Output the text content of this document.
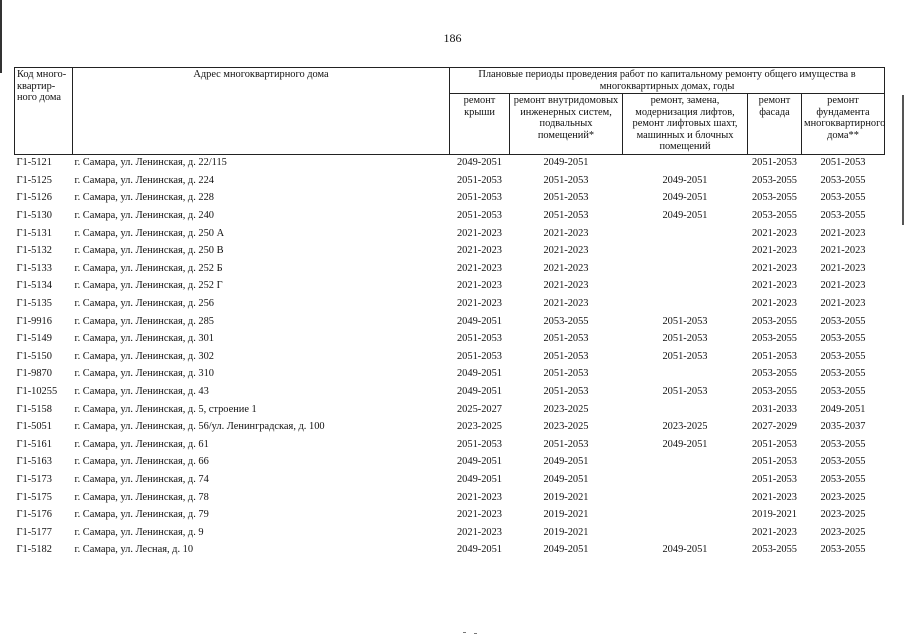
186
Код много-квартир-ного дома	Адрес многоквартирного дома	Плановые периоды проведения работ по капитальному ремонту общего имущества в многоквартирных домах, годы				
		ремонт крыши	ремонт внутридомовых инженерных систем, подвальных помещений*	ремонт, замена, модернизация лифтов, ремонт лифтовых шахт, машинных и блочных помещений	ремонт фасада	ремонт фундамента многоквартирного дома**
Г1-5121	г. Самара, ул. Ленинская, д. 22/115	2049-2051	2049-2051		2051-2053	2051-2053
Г1-5125	г. Самара, ул. Ленинская, д. 224	2051-2053	2051-2053	2049-2051	2053-2055	2053-2055
Г1-5126	г. Самара, ул. Ленинская, д. 228	2051-2053	2051-2053	2049-2051	2053-2055	2053-2055
Г1-5130	г. Самара, ул. Ленинская, д. 240	2051-2053	2051-2053	2049-2051	2053-2055	2053-2055
Г1-5131	г. Самара, ул. Ленинская, д. 250 А	2021-2023	2021-2023		2021-2023	2021-2023
Г1-5132	г. Самара, ул. Ленинская, д. 250 В	2021-2023	2021-2023		2021-2023	2021-2023
Г1-5133	г. Самара, ул. Ленинская, д. 252 Б	2021-2023	2021-2023		2021-2023	2021-2023
Г1-5134	г. Самара, ул. Ленинская, д. 252 Г	2021-2023	2021-2023		2021-2023	2021-2023
Г1-5135	г. Самара, ул. Ленинская, д. 256	2021-2023	2021-2023		2021-2023	2021-2023
Г1-9916	г. Самара, ул. Ленинская, д. 285	2049-2051	2053-2055	2051-2053	2053-2055	2053-2055
Г1-5149	г. Самара, ул. Ленинская, д. 301	2051-2053	2051-2053	2051-2053	2053-2055	2053-2055
Г1-5150	г. Самара, ул. Ленинская, д. 302	2051-2053	2051-2053	2051-2053	2051-2053	2053-2055
Г1-9870	г. Самара, ул. Ленинская, д. 310	2049-2051	2051-2053		2053-2055	2053-2055
Г1-10255	г. Самара, ул. Ленинская, д. 43	2049-2051	2051-2053	2051-2053	2053-2055	2053-2055
Г1-5158	г. Самара, ул. Ленинская, д. 5, строение 1	2025-2027	2023-2025		2031-2033	2049-2051
Г1-5051	г. Самара, ул. Ленинская, д. 56/ул. Ленинградская, д. 100	2023-2025	2023-2025	2023-2025	2027-2029	2035-2037
Г1-5161	г. Самара, ул. Ленинская, д. 61	2051-2053	2051-2053	2049-2051	2051-2053	2053-2055
Г1-5163	г. Самара, ул. Ленинская, д. 66	2049-2051	2049-2051		2051-2053	2053-2055
Г1-5173	г. Самара, ул. Ленинская, д. 74	2049-2051	2049-2051		2051-2053	2053-2055
Г1-5175	г. Самара, ул. Ленинская, д. 78	2021-2023	2019-2021		2021-2023	2023-2025
Г1-5176	г. Самара, ул. Ленинская, д. 79	2021-2023	2019-2021		2019-2021	2023-2025
Г1-5177	г. Самара, ул. Ленинская, д. 9	2021-2023	2019-2021		2021-2023	2023-2025
Г1-5182	г. Самара, ул. Лесная, д. 10	2049-2051	2049-2051	2049-2051	2053-2055	2053-2055
